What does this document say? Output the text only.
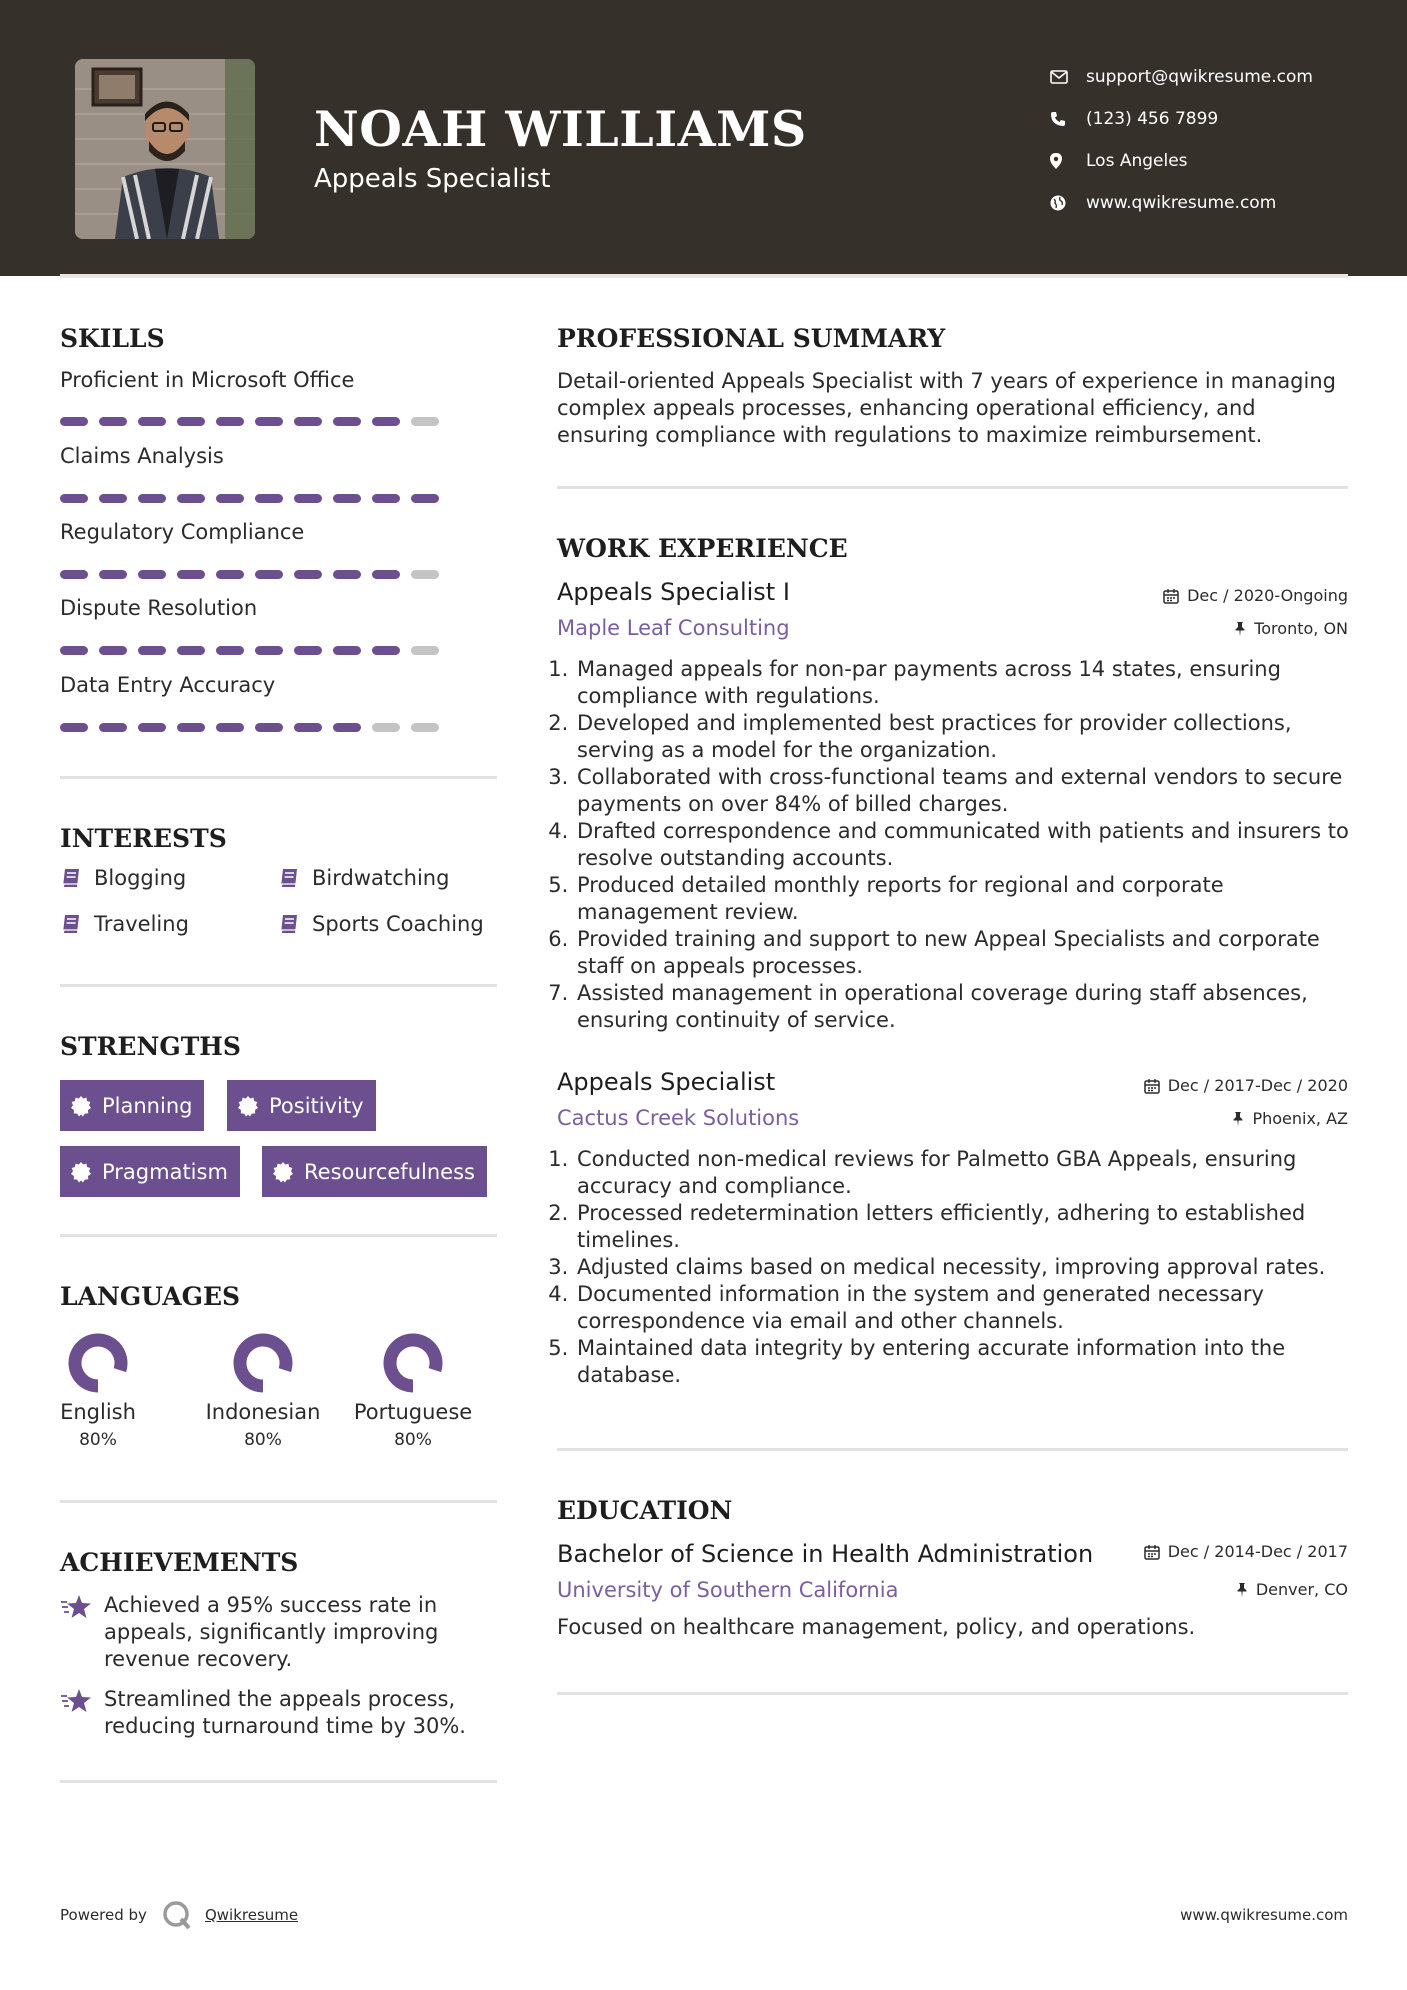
NOAH WILLIAMS
Appeals Specialist
support@qwikresume.com
(123) 456 7899
Los Angeles
www.qwikresume.com
SKILLS
Proficient in Microsoft Office
Claims Analysis
Regulatory Compliance
Dispute Resolution
Data Entry Accuracy
INTERESTS
Blogging	Birdwatching
Traveling	Sports Coaching
STRENGTHS
Planning	Positivity
Pragmatism	Resourcefulness
LANGUAGES
English
80%
Indonesian
80%
Portuguese
80%
ACHIEVEMENTS
Achieved a 95% success rate in appeals, significantly improving revenue recovery.
Streamlined the appeals process, reducing turnaround time by 30%.
PROFESSIONAL SUMMARY
Detail-oriented Appeals Specialist with 7 years of experience in managing complex appeals processes, enhancing operational efficiency, and ensuring compliance with regulations to maximize reimbursement.
WORK EXPERIENCE
Appeals Specialist I	Dec / 2020-Ongoing
Maple Leaf Consulting	Toronto, ON
1. Managed appeals for non-par payments across 14 states, ensuring compliance with regulations.
2. Developed and implemented best practices for provider collections, serving as a model for the organization.
3. Collaborated with cross-functional teams and external vendors to secure payments on over 84% of billed charges.
4. Drafted correspondence and communicated with patients and insurers to resolve outstanding accounts.
5. Produced detailed monthly reports for regional and corporate management review.
6. Provided training and support to new Appeal Specialists and corporate staff on appeals processes.
7. Assisted management in operational coverage during staff absences, ensuring continuity of service.
Appeals Specialist	Dec / 2017-Dec / 2020
Cactus Creek Solutions	Phoenix, AZ
1. Conducted non-medical reviews for Palmetto GBA Appeals, ensuring accuracy and compliance.
2. Processed redetermination letters efficiently, adhering to established timelines.
3. Adjusted claims based on medical necessity, improving approval rates.
4. Documented information in the system and generated necessary correspondence via email and other channels.
5. Maintained data integrity by entering accurate information into the database.
EDUCATION
Bachelor of Science in Health Administration	Dec / 2014-Dec / 2017
University of Southern California	Denver, CO
Focused on healthcare management, policy, and operations.
Powered by	Qwikresume	www.qwikresume.com
